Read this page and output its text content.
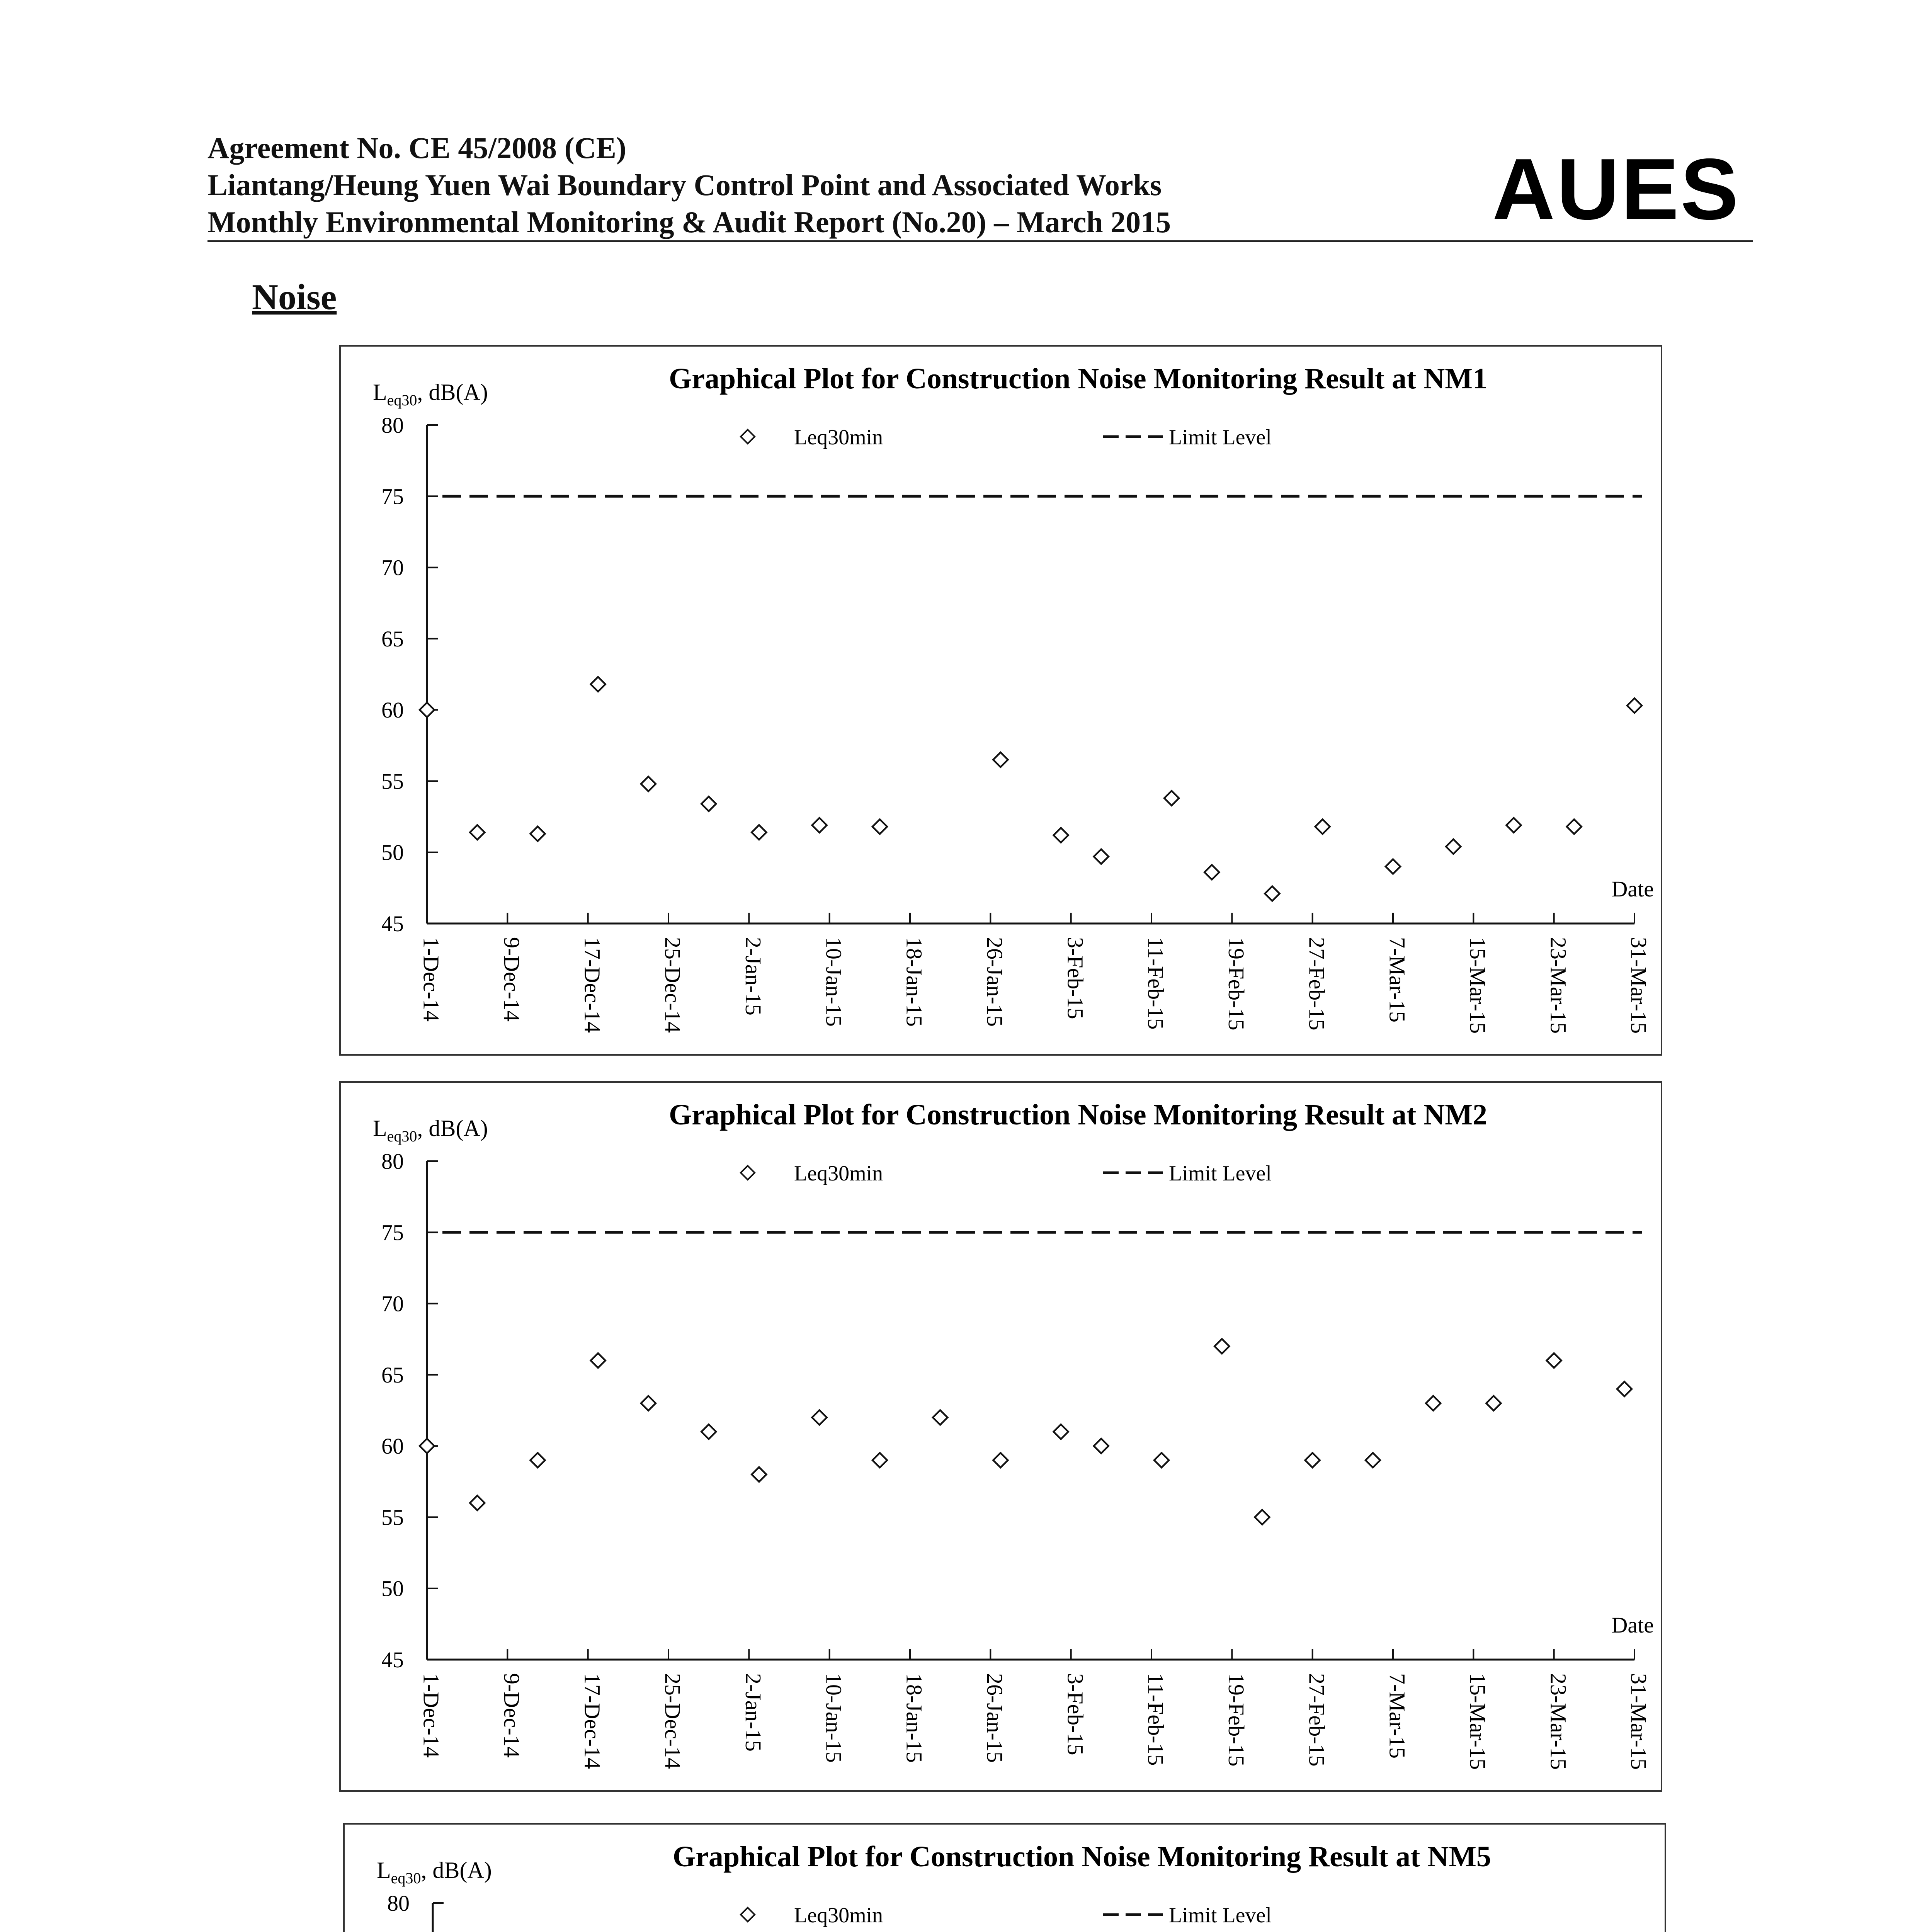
Agreement No. CE 45/2008 (CE)
Liantang/Heung Yuen Wai Boundary Control Point and Associated Works
Monthly Environmental Monitoring & Audit Report (No.20) – March 2015	AUES
Noise
Graphical Plot for Construction Noise Monitoring Result at NM1
$L_{eq30}$, dB(A)
Leq30min	Limit Level
45
50
55
60
65
70
75
80
1-Dec-14 9-Dec-14 17-Dec-14 25-Dec-14 2-Jan-15 10-Jan-15 18-Jan-15 26-Jan-15 3-Feb-15 11-Feb-15 19-Feb-15 27-Feb-15 7-Mar-15 15-Mar-15 23-Mar-15 31-Mar-15
Date
Graphical Plot for Construction Noise Monitoring Result at NM2
$L_{eq30}$, dB(A)
Leq30min	Limit Level
45
50
55
60
65
70
75
80
1-Dec-14 9-Dec-14 17-Dec-14 25-Dec-14 2-Jan-15 10-Jan-15 18-Jan-15 26-Jan-15 3-Feb-15 11-Feb-15 19-Feb-15 27-Feb-15 7-Mar-15 15-Mar-15 23-Mar-15 31-Mar-15
Date
Graphical Plot for Construction Noise Monitoring Result at NM5
$L_{eq30}$, dB(A)
Leq30min	Limit Level
80
